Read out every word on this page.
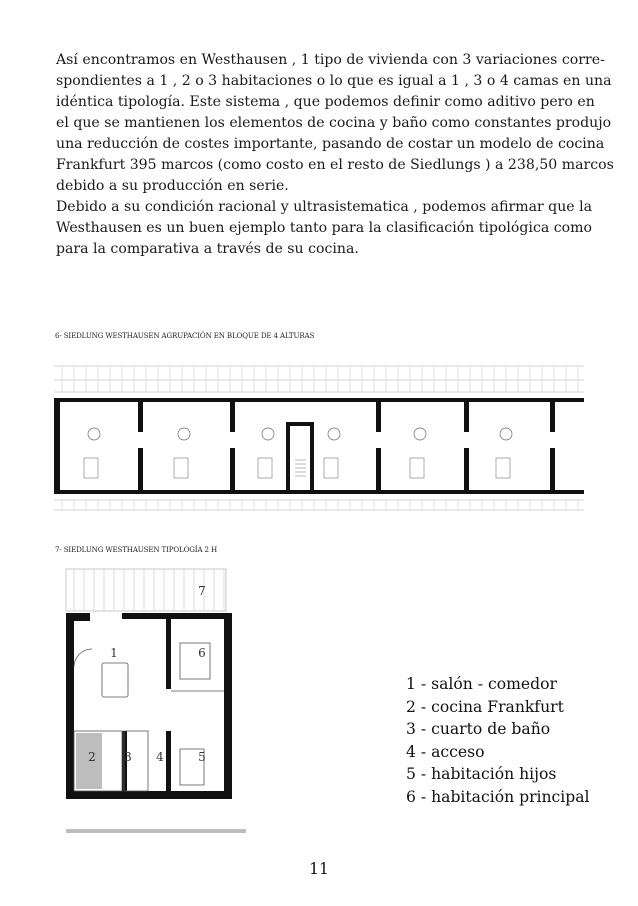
Así encontramos en Westhausen , 1 tipo de vivienda con 3 variaciones corre-
spondientes a 1 , 2 o 3 habitaciones o lo que es igual a 1 , 3 o 4 camas en una
idéntica tipología. Este sistema , que podemos definir como aditivo pero en
el que se mantienen los elementos de cocina y baño como constantes produjo
una reducción de costes importante, pasando de costar un modelo de cocina
Frankfurt 395 marcos (como costo en el resto de Siedlungs ) a 238,50 marcos
debido a su producción en serie.
Debido a su condición racional y ultrasistematica , podemos afirmar que la
Westhausen es un buen ejemplo tanto para la clasificación tipológica como
para la comparativa a través de su cocina.
6- SIEDLUNG WESTHAUSEN AGRUPACIÓN EN BLOQUE DE 4 ALTURAS
7- SIEDLUNG WESTHAUSEN TIPOLOGÍA 2 H
7
1	6
2 3 4	5
1 - salón - comedor
2 - cocina Frankfurt
3 - cuarto de baño
4 - acceso
5 - habitación hijos
6 - habitación principal
11
